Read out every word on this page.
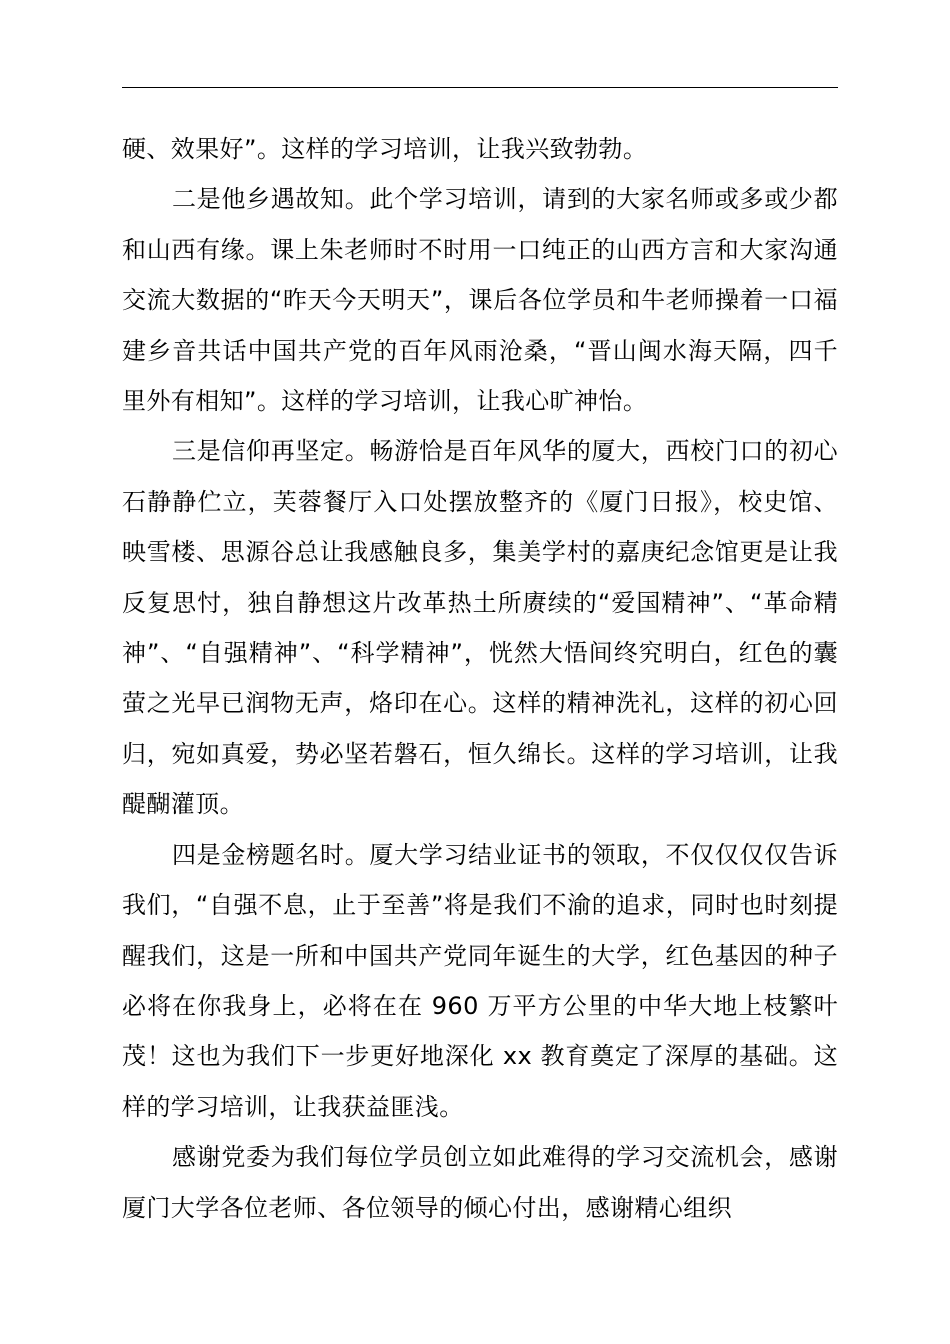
硬、效果好”。这样的学习培训，让我兴致勃勃。

二是他乡遇故知。此个学习培训，请到的大家名师或多或少都和山西有缘。课上朱老师时不时用一口纯正的山西方言和大家沟通交流大数据的“昨天今天明天”，课后各位学员和牛老师操着一口福建乡音共话中国共产党的百年风雨沧桑，“晋山闽水海天隔，四千里外有相知”。这样的学习培训，让我心旷神怡。

三是信仰再坚定。畅游恰是百年风华的厦大，西校门口的初心石静静伫立，芙蓉餐厅入口处摆放整齐的《厦门日报》，校史馆、映雪楼、思源谷总让我感触良多，集美学村的嘉庚纪念馆更是让我反复思忖，独自静想这片改革热土所赓续的“爱国精神”、“革命精神”、“自强精神”、“科学精神”，恍然大悟间终究明白，红色的囊萤之光早已润物无声，烙印在心。这样的精神洗礼，这样的初心回归，宛如真爱，势必坚若磐石，恒久绵长。这样的学习培训，让我醍醐灌顶。

四是金榜题名时。厦大学习结业证书的领取，不仅仅仅仅告诉我们，“自强不息，止于至善”将是我们不渝的追求，同时也时刻提醒我们，这是一所和中国共产党同年诞生的大学，红色基因的种子必将在你我身上，必将在在 960 万平方公里的中华大地上枝繁叶茂！这也为我们下一步更好地深化 xx 教育奠定了深厚的基础。这样的学习培训，让我获益匪浅。

感谢党委为我们每位学员创立如此难得的学习交流机会，感谢厦门大学各位老师、各位领导的倾心付出，感谢精心组织
